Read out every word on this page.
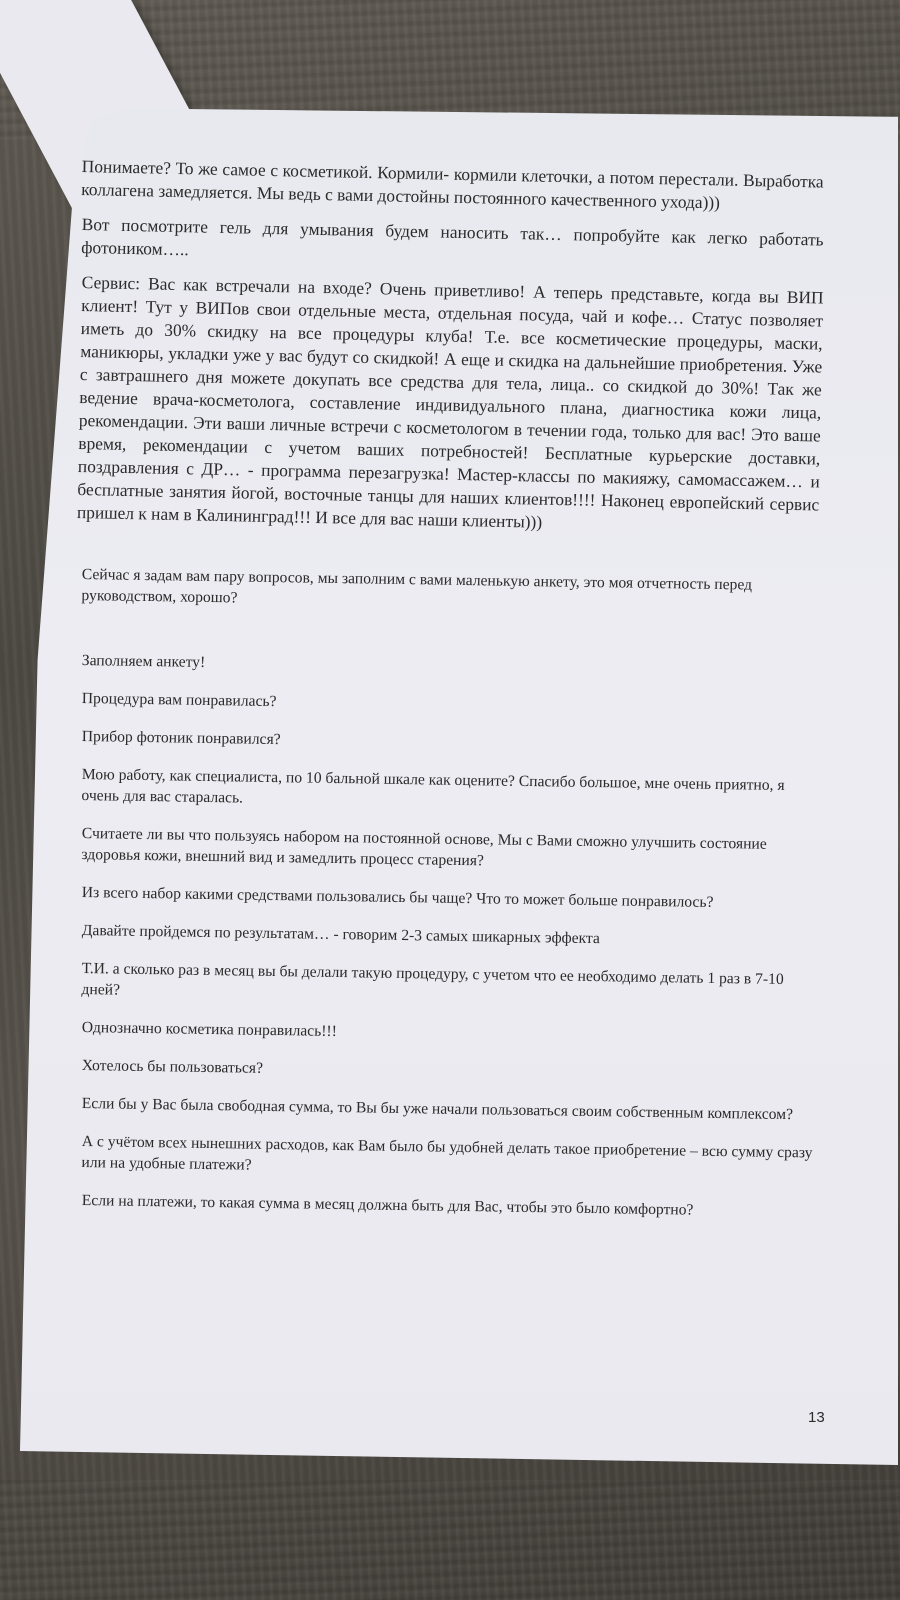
Понимаете? То же самое с косметикой. Кормили- кормили клеточки, а потом перестали. Выработка коллагена замедляется. Мы ведь с вами достойны постоянного качественного ухода)))

Вот посмотрите гель для умывания будем наносить так… попробуйте как легко работать фотоником…..

Сервис: Вас как встречали на входе? Очень приветливо! А теперь представьте, когда вы ВИП клиент! Тут у ВИПов свои отдельные места, отдельная посуда, чай и кофе… Статус позволяет иметь до 30% скидку на все процедуры клуба! Т.е. все косметические процедуры, маски, маникюры, укладки уже у вас будут со скидкой! А еще и скидка на дальнейшие приобретения. Уже с завтрашнего дня можете докупать все средства для тела, лица.. со скидкой до 30%! Так же ведение врача-косметолога, составление индивидуального плана, диагностика кожи лица, рекомендации. Эти ваши личные встречи с косметологом в течении года, только для вас! Это ваше время, рекомендации с учетом ваших потребностей! Бесплатные курьерские доставки, поздравления с ДР… - программа перезагрузка! Мастер-классы по макияжу, самомассажем… и бесплатные занятия йогой, восточные танцы для наших клиентов!!!! Наконец европейский сервис пришел к нам в Калининград!!! И все для вас наши клиенты)))

Сейчас я задам вам пару вопросов, мы заполним с вами маленькую анкету, это моя отчетность перед руководством, хорошо?

Заполняем анкету!

Процедура вам понравилась?

Прибор фотоник понравился?

Мою работу, как специалиста, по 10 бальной шкале как оцените? Спасибо большое, мне очень приятно, я очень для вас старалась.

Считаете ли вы что пользуясь набором на постоянной основе, Мы с Вами сможно улучшить состояние здоровья кожи, внешний вид и замедлить процесс старения?

Из всего набор какими средствами пользовались бы чаще? Что то может больше понравилось?

Давайте пройдемся по результатам… - говорим 2-3 самых шикарных эффекта

Т.И. а сколько раз в месяц вы бы делали такую процедуру, с учетом что ее необходимо делать 1 раз в 7-10 дней?

Однозначно косметика понравилась!!!

Хотелось бы пользоваться?

Если бы у Вас была свободная сумма, то Вы бы уже начали пользоваться своим собственным комплексом?

А с учётом всех нынешних расходов, как Вам было бы удобней делать такое приобретение – всю сумму сразу или на удобные платежи?

Если на платежи, то какая сумма в месяц должна быть для Вас, чтобы это было комфортно?

13
